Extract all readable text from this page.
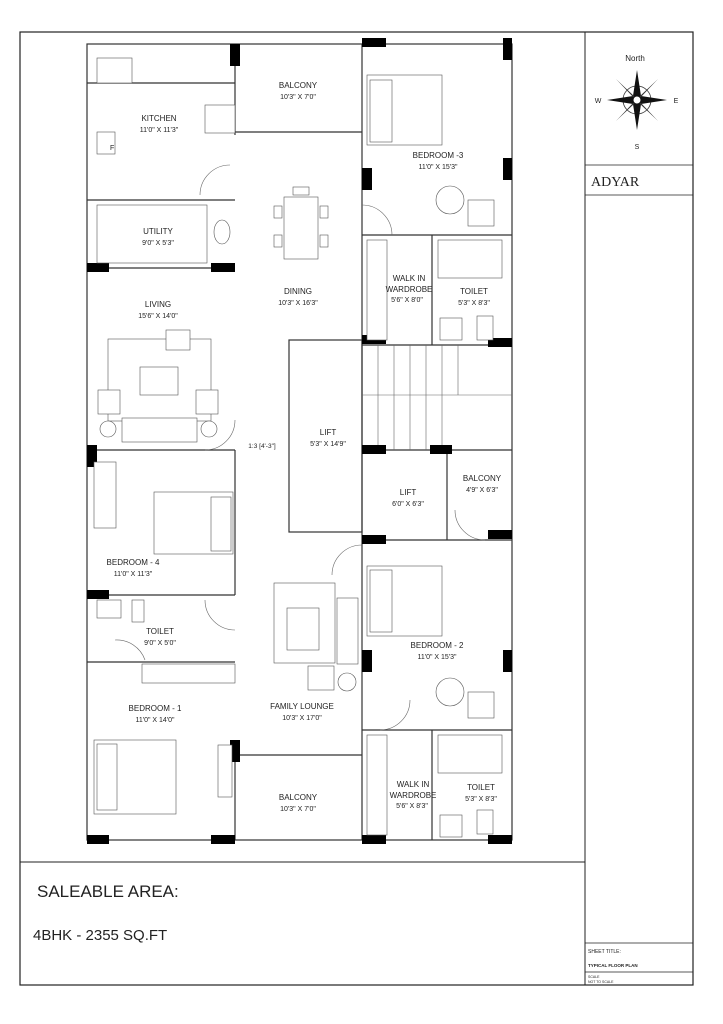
North
S
E
W
ADYAR
SALEABLE AREA:
4BHK - 2355 SQ.FT
SHEET TITLE:
TYPICAL FLOOR PLAN
SCALE
NOT TO SCALE
KITCHEN
11'0" X 11'3"
F
BALCONY
10'3" X 7'0"
BEDROOM -3
11'0" X 15'3"
UTILITY
9'0" X 5'3"
DINING
10'3" X 16'3"
WALK IN
WARDROBE
5'6" X 8'0"
TOILET
5'3" X 8'3"
LIVING
15'6" X 14'0"
LIFT
5'3" X 14'9"
1:3 [4'-3"]
LIFT
6'0" X 6'3"
BALCONY
4'9" X 6'3"
BEDROOM - 4
11'0" X 11'3"
TOILET
9'0" X 5'0"	BEDROOM - 2
11'0" X 15'3"
BEDROOM - 1
11'0" X 14'0"
FAMILY LOUNGE
10'3" X 17'0"
BALCONY
10'3" X 7'0"
WALK IN
WARDROBE
5'6" X 8'3"
TOILET
5'3" X 8'3"
